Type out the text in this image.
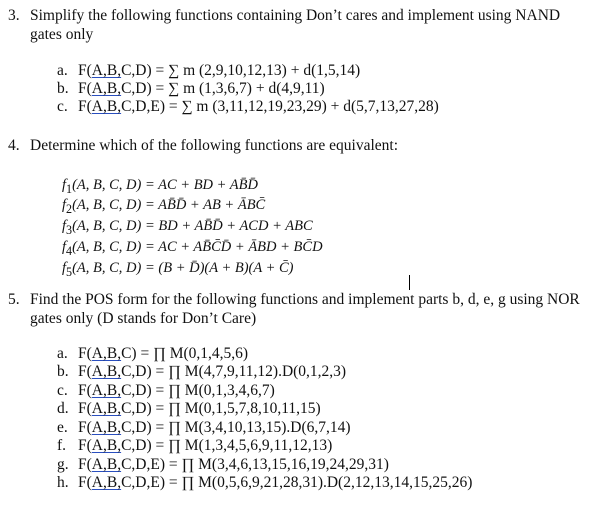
3. Simplify the following functions containing Don’t cares and implement using NAND
gates only
a. F(A,B,C,D) = ∑ m (2,9,10,12,13) + d(1,5,14)
b. F(A,B,C,D) = ∑ m (1,3,6,7) + d(4,9,11)
c. F(A,B,C,D,E) = ∑ m (3,11,12,19,23,29) + d(5,7,13,27,28)
4. Determine which of the following functions are equivalent:
$f_1(A$, B, C, D) = AC + BD + AB̄D̄
$f_2(A$, B, C, D) = AB̄D̄ + AB + ĀBC̄
$f_3(A$, B, C, D) = BD + AB̄D̄ + ACD + ABC
$f_4(A$, B, C, D) = AC + AB̄C̄D̄ + ĀBD + BC̄D
$f_5(A$, B, C, D) = (B + D̄)(A + B)(A + C̄)
5. Find the POS form for the following functions and implement parts b, d, e, g using NOR
gates only (D stands for Don’t Care)
a. F(A,B,C) = ∏ M(0,1,4,5,6)
b. F(A,B,C,D) = ∏ M(4,7,9,11,12).D(0,1,2,3)
c. F(A,B,C,D) = ∏ M(0,1,3,4,6,7)
d. F(A,B,C,D) = ∏ M(0,1,5,7,8,10,11,15)
e. F(A,B,C,D) = ∏ M(3,4,10,13,15).D(6,7,14)
f. F(A,B,C,D) = ∏ M(1,3,4,5,6,9,11,12,13)
g. F(A,B,C,D,E) = ∏ M(3,4,6,13,15,16,19,24,29,31)
h. F(A,B,C,D,E) = ∏ M(0,5,6,9,21,28,31).D(2,12,13,14,15,25,26)
